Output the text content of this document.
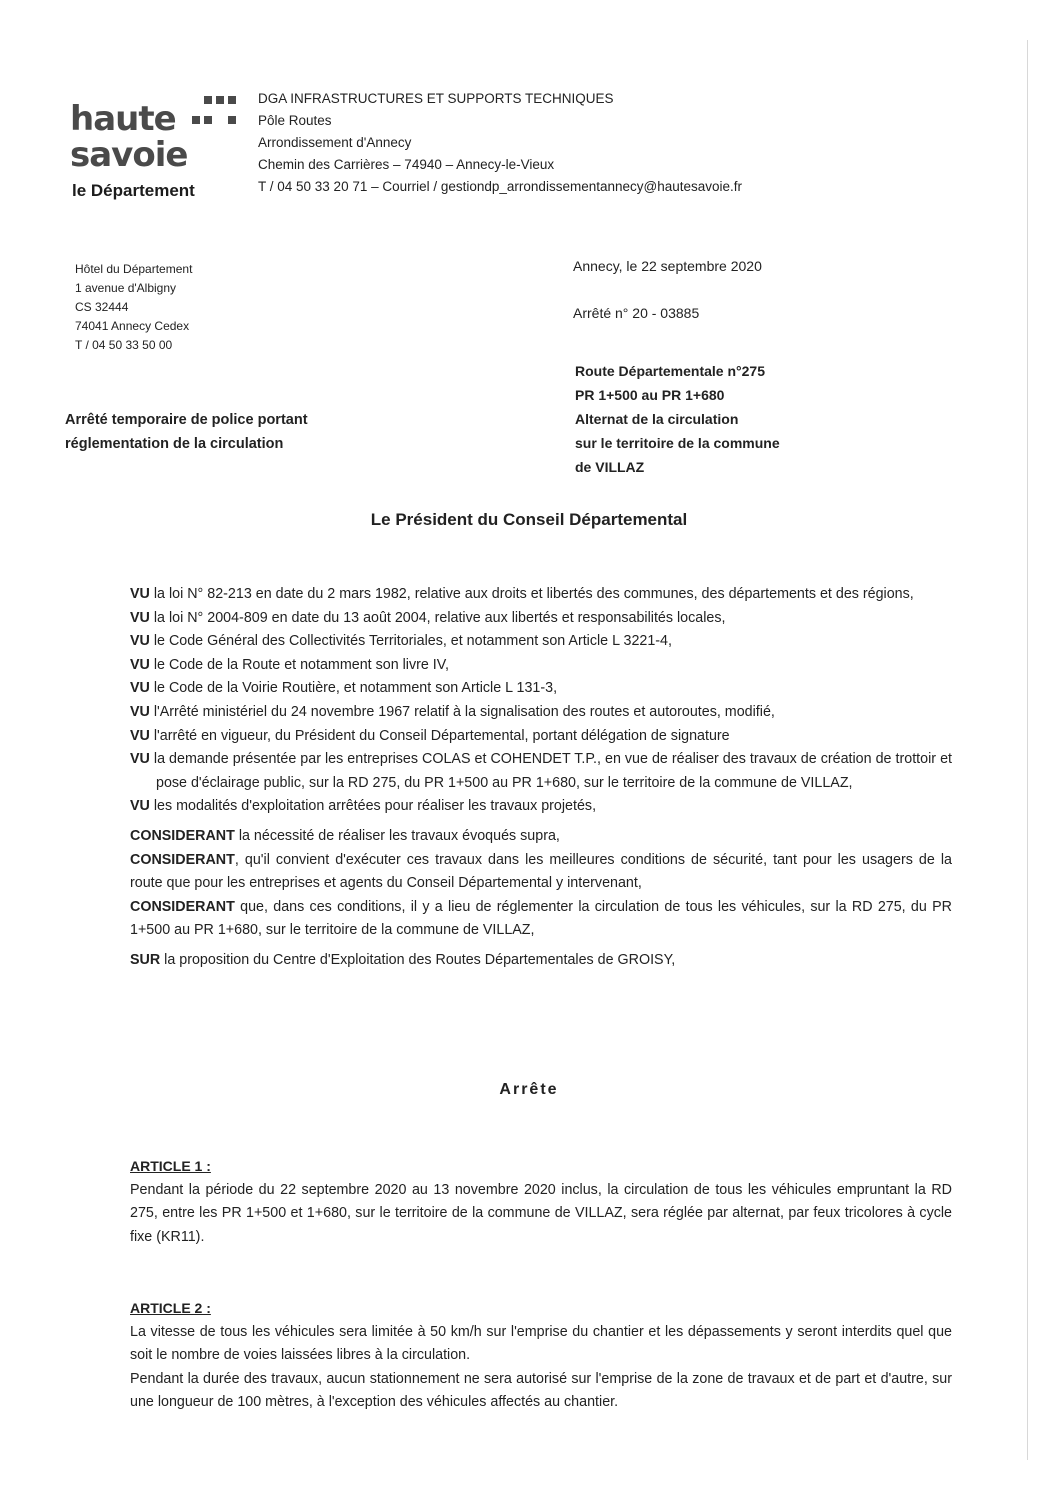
haute
savoie
le Département
DGA INFRASTRUCTURES ET SUPPORTS TECHNIQUES
Pôle Routes
Arrondissement d'Annecy
Chemin des Carrières – 74940 – Annecy-le-Vieux
T / 04 50 33 20 71 – Courriel / gestiondp_arrondissementannecy@hautesavoie.fr
Hôtel du Département
1 avenue d'Albigny
CS 32444
74041 Annecy Cedex
T / 04 50 33 50 00
Annecy, le 22 septembre 2020
Arrêté n° 20 - 03885
Route Départementale n°275
PR 1+500 au PR 1+680
Alternat de la circulation
sur le territoire de la commune
de VILLAZ
Arrêté temporaire de police portant
réglementation de la circulation
Le Président du Conseil Départemental
VU la loi N° 82-213 en date du 2 mars 1982, relative aux droits et libertés des communes, des départements et des régions,
VU la loi N° 2004-809 en date du 13 août 2004, relative aux libertés et responsabilités locales,
VU le Code Général des Collectivités Territoriales, et notamment son Article L 3221-4,
VU le Code de la Route et notamment son livre IV,
VU le Code de la Voirie Routière, et notamment son Article L 131-3,
VU l'Arrêté ministériel du 24 novembre 1967 relatif à la signalisation des routes et autoroutes, modifié,
VU l'arrêté en vigueur, du Président du Conseil Départemental, portant délégation de signature
VU la demande présentée par les entreprises COLAS et COHENDET T.P., en vue de réaliser des travaux de création de trottoir et pose d'éclairage public, sur la RD 275, du PR 1+500 au PR 1+680, sur le territoire de la commune de VILLAZ,
VU les modalités d'exploitation arrêtées pour réaliser les travaux projetés,
CONSIDERANT la nécessité de réaliser les travaux évoqués supra,
CONSIDERANT, qu'il convient d'exécuter ces travaux dans les meilleures conditions de sécurité, tant pour les usagers de la route que pour les entreprises et agents du Conseil Départemental y intervenant,
CONSIDERANT que, dans ces conditions, il y a lieu de réglementer la circulation de tous les véhicules, sur la RD 275, du PR 1+500 au PR 1+680, sur le territoire de la commune de VILLAZ,
SUR la proposition du Centre d'Exploitation des Routes Départementales de GROISY,
Arrête
ARTICLE 1 :
Pendant la période du 22 septembre 2020 au 13 novembre 2020 inclus, la circulation de tous les véhicules empruntant la RD 275, entre les PR 1+500 et 1+680, sur le territoire de la commune de VILLAZ, sera réglée par alternat, par feux tricolores à cycle fixe (KR11).
ARTICLE 2 :
La vitesse de tous les véhicules sera limitée à 50 km/h sur l'emprise du chantier et les dépassements y seront interdits quel que soit le nombre de voies laissées libres à la circulation.
Pendant la durée des travaux, aucun stationnement ne sera autorisé sur l'emprise de la zone de travaux et de part et d'autre, sur une longueur de 100 mètres, à l'exception des véhicules affectés au chantier.
